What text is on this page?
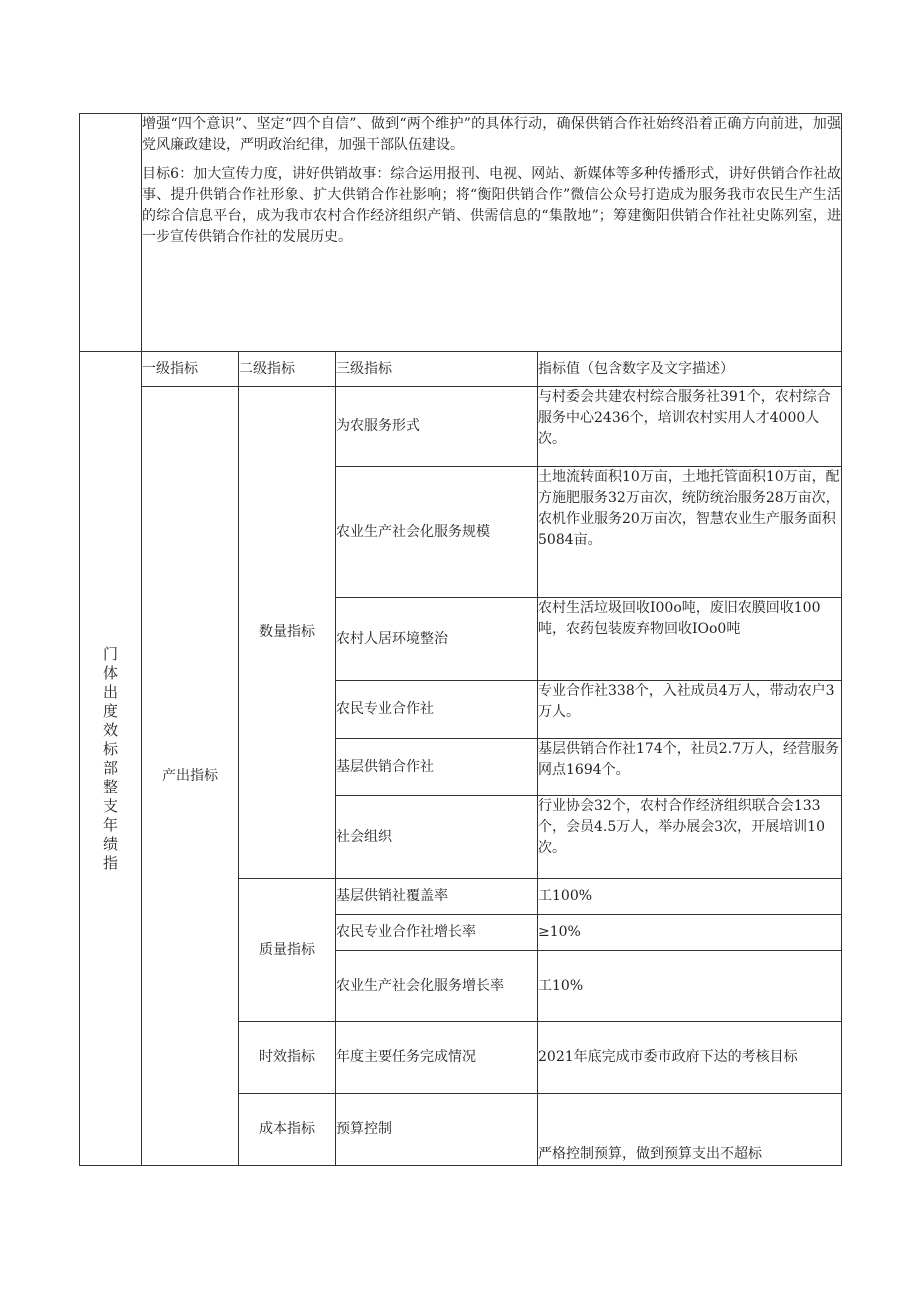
	增强“四个意识”、坚定“四个自信”、做到“两个维护”的具体行动，确保供销合作社始终沿着正确方向前进，加强党风廉政建设，严明政治纪律，加强干部队伍建设。

目标6：加大宣传力度，讲好供销故事：综合运用报刊、电视、网站、新媒体等多种传播形式，讲好供销合作社故事、提升供销合作社形象、扩大供销合作社影响；将“衡阳供销合作”微信公众号打造成为服务我市农民生产生活的综合信息平台，成为我市农村合作经济组织产销、供需信息的“集散地”；筹建衡阳供销合作社社史陈列室，进一步宣传供销合作社的发展历史。			

门体出度效标部整支年绩指	一级指标	二级指标	三级指标	指标值（包含数字及文字描述）
	产出指标	数量指标	为农服务形式	与村委会共建农村综合服务社391个，农村综合服务中心2436个，培训农村实用人才4000人次。
			农业生产社会化服务规模	土地流转面积10万亩，土地托管面积10万亩，配方施肥服务32万亩次，统防统治服务28万亩次，农机作业服务20万亩次，智慧农业生产服务面积5084亩。
			农村人居环境整治	农村生活垃圾回收I00o吨，废旧农膜回收100吨，农药包装废弃物回收IOo0吨
			农民专业合作社	专业合作社338个，入社成员4万人，带动农户3万人。
			基层供销合作社	基层供销合作社174个，社员2.7万人，经营服务网点1694个。
			社会组织	行业协会32个，农村合作经济组织联合会133个，会员4.5万人，举办展会3次，开展培训10次。
		质量指标	基层供销社覆盖率	工100%
			农民专业合作社增长率	≥10%
			农业生产社会化服务增长率	工10%
		时效指标	年度主要任务完成情况	2021年底完成市委市政府下达的考核目标
		成本指标	预算控制	严格控制预算，做到预算支出不超标
